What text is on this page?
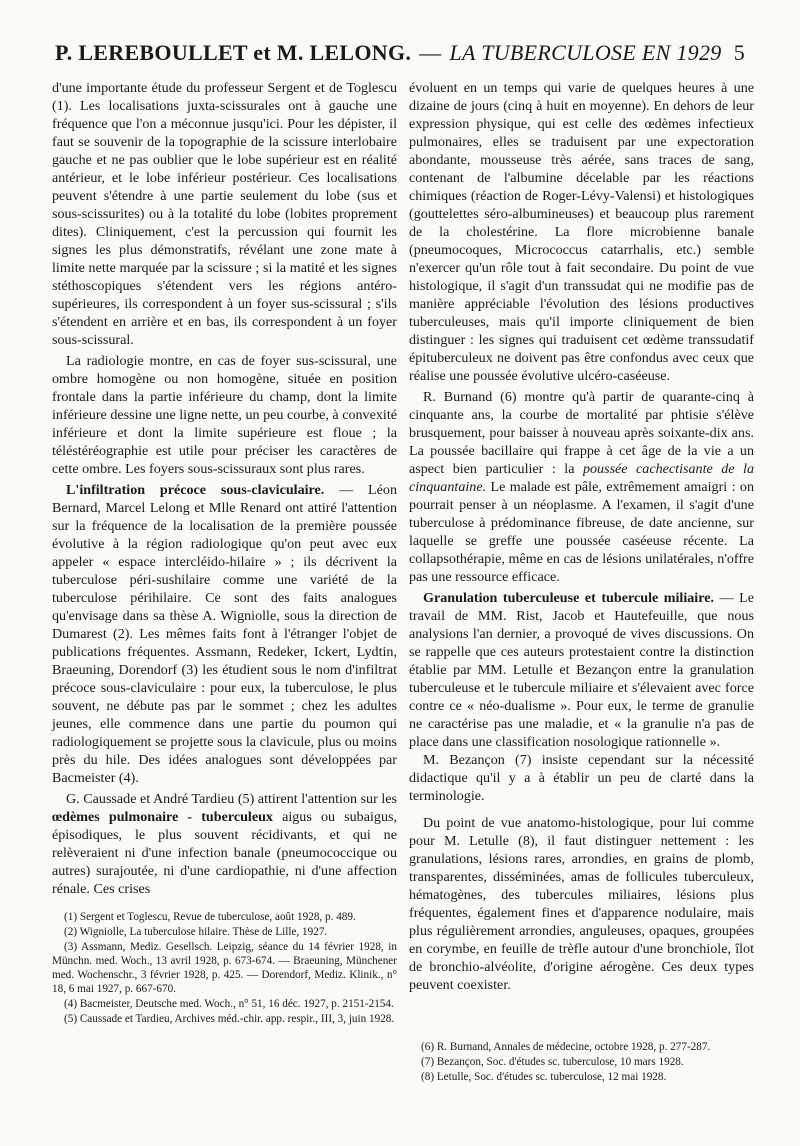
P. LEREBOULLET et M. LELONG. — LA TUBERCULOSE EN 1929 5

d'une importante étude du professeur Sergent et de Toglescu (1). Les localisations juxta-scissurales ont à gauche une fréquence que l'on a méconnue jusqu'ici. Pour les dépister, il faut se souvenir de la topographie de la scissure interlobaire gauche et ne pas oublier que le lobe supérieur est en réalité antérieur, et le lobe inférieur postérieur. Ces localisations peuvent s'étendre à une partie seulement du lobe (sus et sous-scissurites) ou à la totalité du lobe (lobites proprement dites). Cliniquement, c'est la percussion qui fournit les signes les plus démonstratifs, révélant une zone mate à limite nette marquée par la scissure ; si la matité et les signes stéthoscopiques s'étendent vers les régions antéro-supérieures, ils correspondent à un foyer sus-scissural ; s'ils s'étendent en arrière et en bas, ils correspondent à un foyer sous-scissural.

La radiologie montre, en cas de foyer sus-scissural, une ombre homogène ou non homogène, située en position frontale dans la partie inférieure du champ, dont la limite inférieure dessine une ligne nette, un peu courbe, à convexité inférieure et dont la limite supérieure est floue ; la téléstéréographie est utile pour préciser les caractères de cette ombre. Les foyers sous-scissuraux sont plus rares.

L'infiltration précoce sous-claviculaire. — Léon Bernard, Marcel Lelong et Mlle Renard ont attiré l'attention sur la fréquence de la localisation de la première poussée évolutive à la région radiologique qu'on peut avec eux appeler « espace intercléido-hilaire » ; ils décrivent la tuberculose péri-sushilaire comme une variété de la tuberculose périhilaire. Ce sont des faits analogues qu'envisage dans sa thèse A. Wigniolle, sous la direction de Dumarest (2). Les mêmes faits font à l'étranger l'objet de publications fréquentes. Assmann, Redeker, Ickert, Lydtin, Braeuning, Dorendorf (3) les étudient sous le nom d'infiltrat précoce sous-claviculaire : pour eux, la tuberculose, le plus souvent, ne débute pas par le sommet ; chez les adultes jeunes, elle commence dans une partie du poumon qui radiologiquement se projette sous la clavicule, plus ou moins près du hile. Des idées analogues sont développées par Bacmeister (4).

G. Caussade et André Tardieu (5) attirent l'attention sur les œdèmes pulmonaire - tuberculeux aigus ou subaigus, épisodiques, le plus souvent récidivants, et qui ne relèveraient ni d'une infection banale (pneumococcique ou autres) surajoutée, ni d'une cardiopathie, ni d'une affection rénale. Ces crises

(1) Sergent et Toglescu, Revue de tuberculose, août 1928, p. 489.

(2) Wigniolle, La tuberculose hilaire. Thèse de Lille, 1927.

(3) Assmann, Mediz. Gesellsch. Leipzig, séance du 14 février 1928, in Münchn. med. Woch., 13 avril 1928, p. 673-674. — Braeuning, Münchener med. Wochenschr., 3 février 1928, p. 425. — Dorendorf, Mediz. Klinik., n° 18, 6 mai 1927, p. 667-670.

(4) Bacmeister, Deutsche med. Woch., n° 51, 16 déc. 1927, p. 2151-2154.

(5) Caussade et Tardieu, Archives méd.-chir. app. respir., III, 3, juin 1928.

évoluent en un temps qui varie de quelques heures à une dizaine de jours (cinq à huit en moyenne). En dehors de leur expression physique, qui est celle des œdèmes infectieux pulmonaires, elles se traduisent par une expectoration abondante, mousseuse très aérée, sans traces de sang, contenant de l'albumine décelable par les réactions chimiques (réaction de Roger-Lévy-Valensi) et histologiques (gouttelettes séro-albumineuses) et beaucoup plus rarement de la cholestérine. La flore microbienne banale (pneumocoques, Micrococcus catarrhalis, etc.) semble n'exercer qu'un rôle tout à fait secondaire. Du point de vue histologique, il s'agit d'un transsudat qui ne modifie pas de manière appréciable l'évolution des lésions productives tuberculeuses, mais qu'il importe cliniquement de bien distinguer : les signes qui traduisent cet œdème transsudatif épituberculeux ne doivent pas être confondus avec ceux que réalise une poussée évolutive ulcéro-caséeuse.

R. Burnand (6) montre qu'à partir de quarante-cinq à cinquante ans, la courbe de mortalité par phtisie s'élève brusquement, pour baisser à nouveau après soixante-dix ans. La poussée bacillaire qui frappe à cet âge de la vie a un aspect bien particulier : la poussée cachectisante de la cinquantaine. Le malade est pâle, extrêmement amaigri : on pourrait penser à un néoplasme. A l'examen, il s'agit d'une tuberculose à prédominance fibreuse, de date ancienne, sur laquelle se greffe une poussée caséeuse récente. La collapsothérapie, même en cas de lésions unilatérales, n'offre pas une ressource efficace.

Granulation tuberculeuse et tubercule miliaire. — Le travail de MM. Rist, Jacob et Hautefeuille, que nous analysions l'an dernier, a provoqué de vives discussions. On se rappelle que ces auteurs protestaient contre la distinction établie par MM. Letulle et Bezançon entre la granulation tuberculeuse et le tubercule miliaire et s'élevaient avec force contre ce « néo-dualisme ». Pour eux, le terme de granulie ne caractérise pas une maladie, et « la granulie n'a pas de place dans une classification nosologique rationnelle ».

M. Bezançon (7) insiste cependant sur la nécessité didactique qu'il y a à établir un peu de clarté dans la terminologie.

Du point de vue anatomo-histologique, pour lui comme pour M. Letulle (8), il faut distinguer nettement : les granulations, lésions rares, arrondies, en grains de plomb, transparentes, disséminées, amas de follicules tuberculeux, hématogènes, des tubercules miliaires, lésions plus fréquentes, également fines et d'apparence nodulaire, mais plus régulièrement arrondies, anguleuses, opaques, groupées en corymbe, en feuille de trèfle autour d'une bronchiole, îlot de bronchio-alvéolite, d'origine aérogène. Ces deux types peuvent coexister.

(6) R. Burnand, Annales de médecine, octobre 1928, p. 277-287.

(7) Bezançon, Soc. d'études sc. tuberculose, 10 mars 1928.

(8) Letulle, Soc. d'études sc. tuberculose, 12 mai 1928.
